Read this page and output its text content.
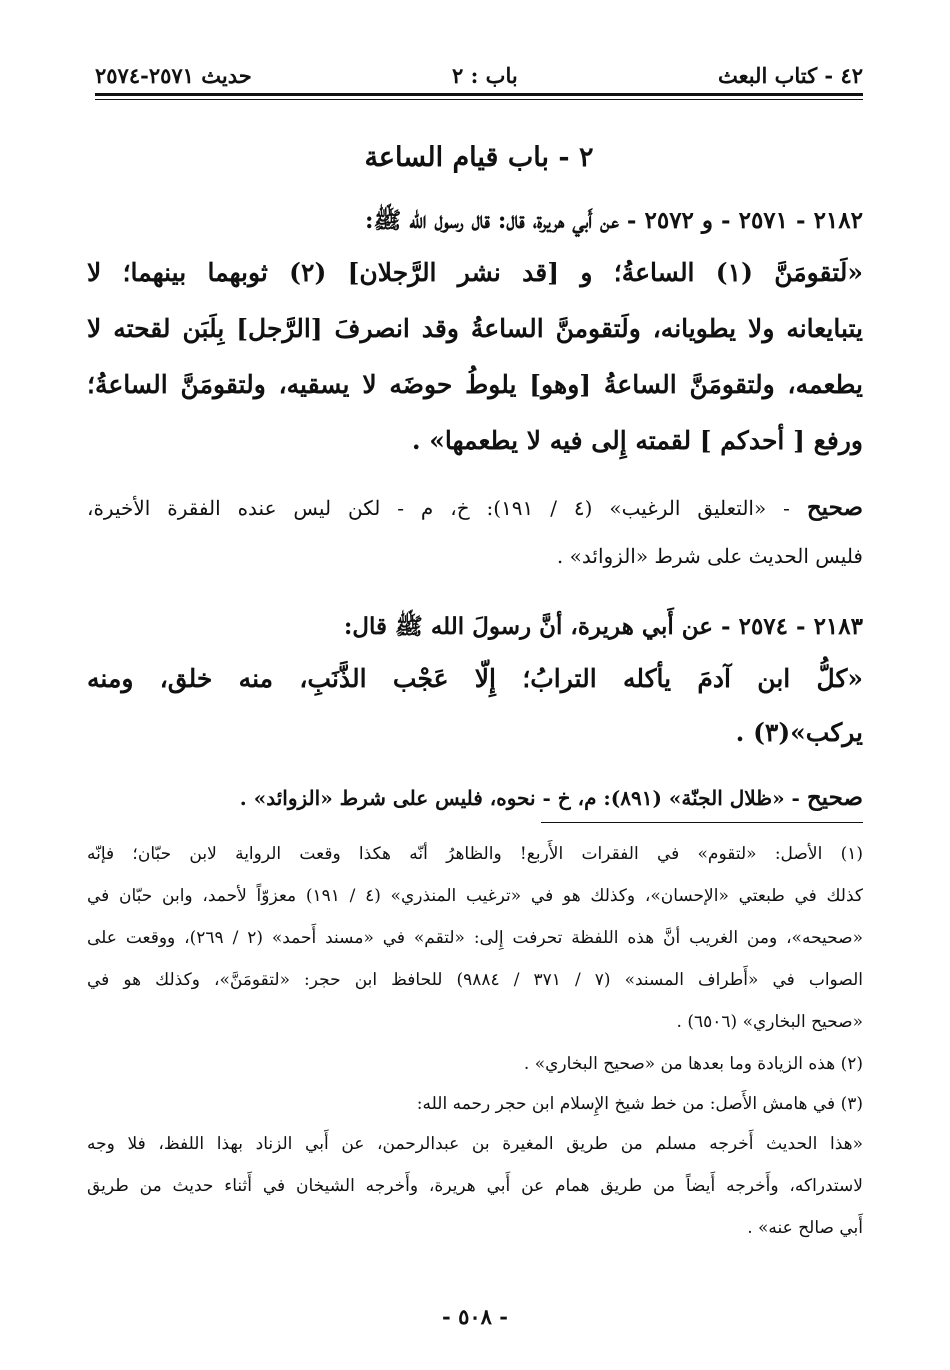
٤٢ - كتاب البعث
باب : ٢
حديث ٢٥٧١-٢٥٧٤
٢ - باب قيام الساعة
٢١٨٢ - ٢٥٧١ - و ٢٥٧٢ - عن أَبي هريرة، قال: قال رسول الله ﷺ:
«لَتقومَنَّ (١) الساعةُ؛ و [قد نشر الرَّجلان] (٢) ثوبهما بينهما؛ لا
يتبايعانه ولا يطويانه، ولَتقومنَّ الساعةُ وقد انصرفَ [الرَّجل] بِلَبَن لقحته لا
يطعمه، ولتقومَنَّ الساعةُ [وهو] يلوطُ حوضَه لا يسقيه، ولتقومَنَّ الساعةُ؛
ورفع [ أحدكم ] لقمته إِلى فيه لا يطعمها» .
صحيح - «التعليق الرغيب» (٤ / ١٩١): خ، م - لكن ليس عنده الفقرة الأخيرة،
فليس الحديث على شرط «الزوائد» .
٢١٨٣ - ٢٥٧٤ - عن أَبي هريرة، أنَّ رسولَ الله ﷺ قال:
«كلُّ ابن آدمَ يأكله الترابُ؛ إِلّا عَجْب الذَّنَبِ، منه خلق، ومنه
يركب»(٣) .
صحيح - «ظلال الجنّة» (٨٩١): م، خ - نحوه، فليس على شرط «الزوائد» .
(١) الأصل: «لتقوم» في الفقرات الأَربع! والظاهرُ أنّه هكذا وقعت الرواية لابن حبّان؛ فإنّه
كذلك في طبعتي «الإحسان»، وكذلك هو في «ترغيب المنذري» (٤ / ١٩١) معزوّاً لأحمد، وابن حبّان في
«صحيحه»، ومن الغريب أنَّ هذه اللفظة تحرفت إِلى: «لتقم» في «مسند أَحمد» (٢ / ٢٦٩)، ووقعت على
الصواب في «أَطراف المسند» (٧ / ٣٧١ / ٩٨٨٤) للحافظ ابن حجر: «لتقومَنَّ»، وكذلك هو في
«صحيح البخاري» (٦٥٠٦) .
(٢) هذه الزيادة وما بعدها من «صحيح البخاري» .
(٣) في هامش الأَصل: من خط شيخ الإِسلام ابن حجر رحمه الله:
«هذا الحديث أَخرجه مسلم من طريق المغيرة بن عبدالرحمن، عن أَبي الزناد بهذا اللفظ، فلا وجه
لاستدراكه، وأَخرجه أَيضاً من طريق همام عن أَبي هريرة، وأَخرجه الشيخان في أَثناء حديث من طريق
أَبي صالح عنه» .
- ٥٠٨ -
